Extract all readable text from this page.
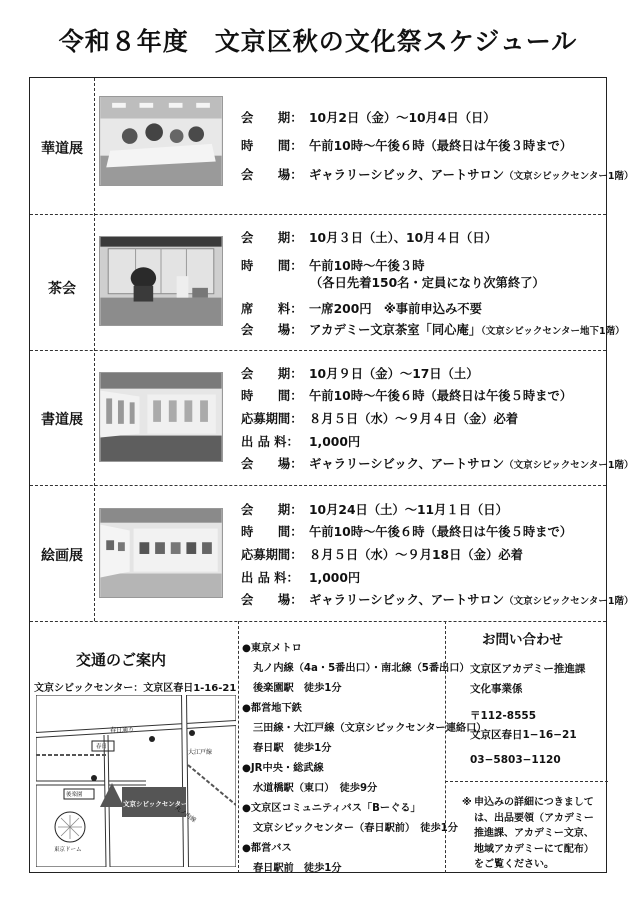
令和８年度　文京区秋の文化祭スケジュール
華道展
会　　期： 10月2日（金）～10月4日（日）
時　　間： 午前10時～午後６時（最終日は午後３時まで）
会　　場： ギャラリーシビック、アートサロン（文京シビックセンター1階）
茶会
会　　期： 10月３日（土）、10月４日（日）
時　　間： 午前10時～午後３時
（各日先着150名・定員になり次第終了）
席　　料： 一席200円　※事前申込み不要
会　　場： アカデミー文京茶室「同心庵」（文京シビックセンター地下1階）
書道展
会　　期： 10月９日（金）～17日（土）
時　　間： 午前10時～午後６時（最終日は午後５時まで）
応募期間： ８月５日（水）～９月４日（金）必着
出 品 料： 1,000円
会　　場： ギャラリーシビック、アートサロン（文京シビックセンター1階）
絵画展
会　　期： 10月24日（土）～11月１日（日）
時　　間： 午前10時～午後６時（最終日は午後５時まで）
応募期間： ８月５日（水）～９月18日（金）必着
出 品 料： 1,000円
会　　場： ギャラリーシビック、アートサロン（文京シビックセンター1階）
交通のご案内
文京シビックセンター：文京区春日1-16-21
文京シビックセンター
春日通り
丸ノ内線
大江戸線
春日
後楽園
東京ドーム
●東京メトロ
丸ノ内線（4a・5番出口）・南北線（5番出口）
後楽園駅　徒歩1分
●都営地下鉄
三田線・大江戸線（文京シビックセンター連絡口）
春日駅　徒歩1分
●JR中央・総武線
水道橋駅（東口）　徒歩9分
●文京区コミュニティバス「Bーぐる」
文京シビックセンター（春日駅前）　徒歩1分
●都営バス
春日駅前　徒歩1分
お問い合わせ
文京区アカデミー推進課
文化事業係
〒112-8555
文京区春日1−16−21
03−5803−1120
※ 申込みの詳細につきましては、出品要領（アカデミー推進課、アカデミー文京、地域アカデミーにて配布）をご覧ください。
